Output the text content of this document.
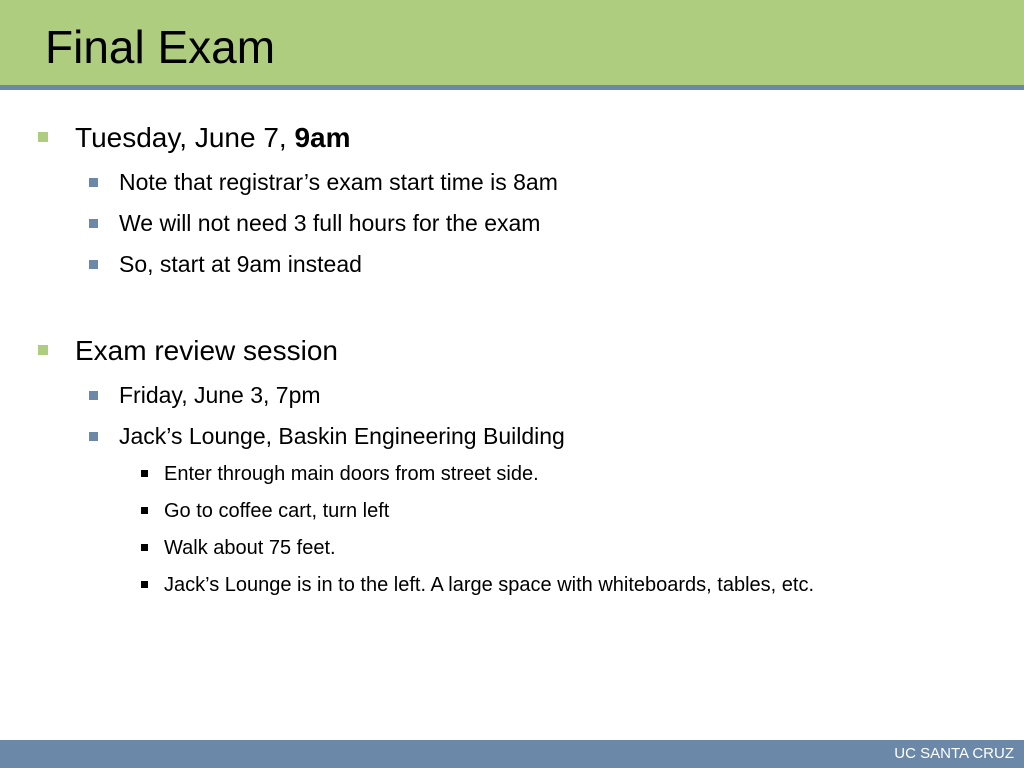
Final Exam
Tuesday, June 7, 9am
Note that registrar’s exam start time is 8am
We will not need 3 full hours for the exam
So, start at 9am instead
Exam review session
Friday, June 3, 7pm
Jack’s Lounge, Baskin Engineering Building
Enter through main doors from street side.
Go to coffee cart, turn left
Walk about 75 feet.
Jack’s Lounge is in to the left. A large space with whiteboards, tables, etc.
UC SANTA CRUZ
